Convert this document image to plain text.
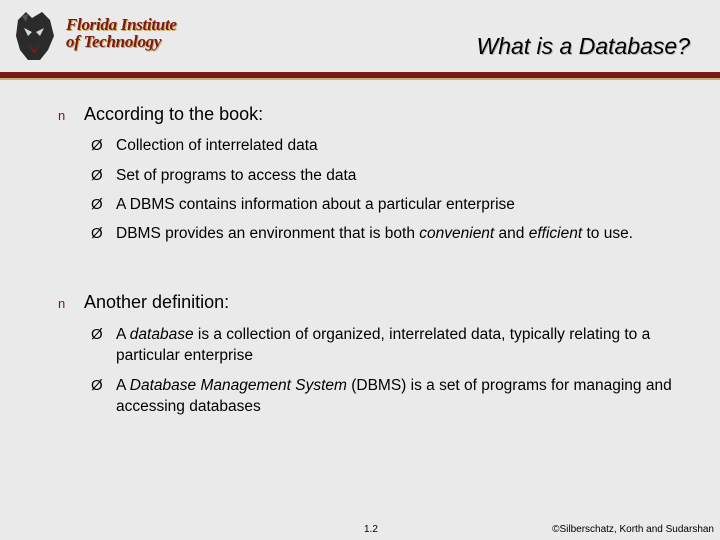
Florida Institute
of Technology	What is a Database?
n According to the book:
Ø Collection of interrelated data
Ø Set of programs to access the data
Ø A DBMS contains information about a particular enterprise
Ø DBMS provides an environment that is both convenient and efficient to use.
n Another definition:
Ø A database is a collection of organized, interrelated data, typically relating to a particular enterprise
Ø A Database Management System (DBMS) is a set of programs for managing and accessing databases
1.2	©Silberschatz, Korth and Sudarshan
